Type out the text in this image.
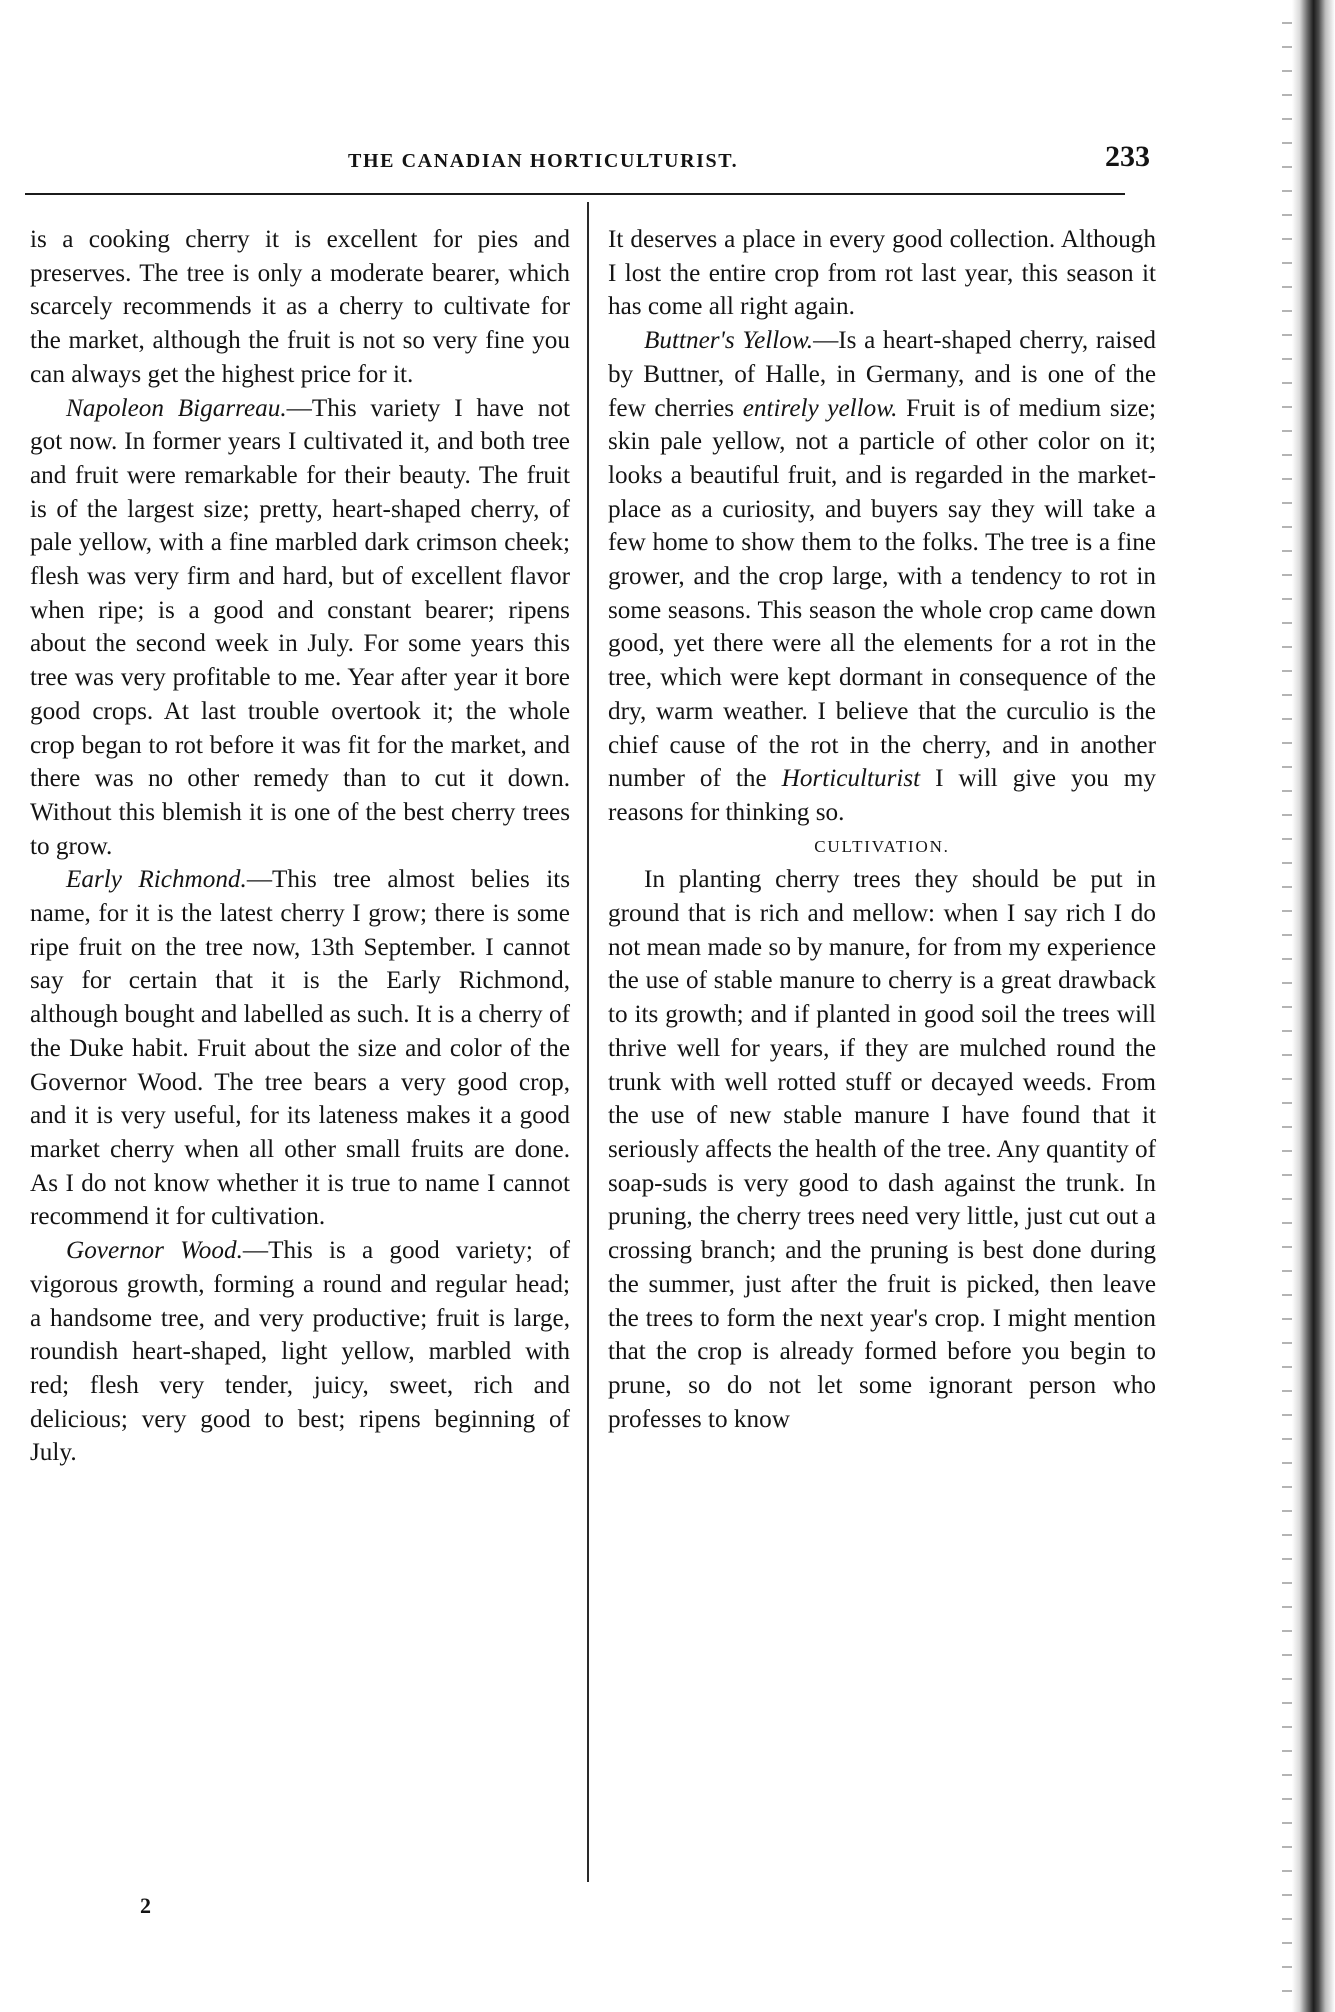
THE CANADIAN HORTICULTURIST.	233

is a cooking cherry it is excellent for pies and preserves. The tree is only a moderate bearer, which scarcely recommends it as a cherry to cultivate for the market, although the fruit is not so very fine you can always get the highest price for it.

Napoleon Bigarreau.—This variety I have not got now. In former years I cultivated it, and both tree and fruit were remarkable for their beauty. The fruit is of the largest size; pretty, heart-shaped cherry, of pale yellow, with a fine marbled dark crimson cheek; flesh was very firm and hard, but of excellent flavor when ripe; is a good and constant bearer; ripens about the second week in July. For some years this tree was very profitable to me. Year after year it bore good crops. At last trouble overtook it; the whole crop began to rot before it was fit for the market, and there was no other remedy than to cut it down. Without this blemish it is one of the best cherry trees to grow.

Early Richmond.—This tree almost belies its name, for it is the latest cherry I grow; there is some ripe fruit on the tree now, 13th September. I cannot say for certain that it is the Early Richmond, although bought and labelled as such. It is a cherry of the Duke habit. Fruit about the size and color of the Governor Wood. The tree bears a very good crop, and it is very useful, for its lateness makes it a good market cherry when all other small fruits are done. As I do not know whether it is true to name I cannot recommend it for cultivation.

Governor Wood.—This is a good variety; of vigorous growth, forming a round and regular head; a handsome tree, and very productive; fruit is large, roundish heart-shaped, light yellow, marbled with red; flesh very tender, juicy, sweet, rich and delicious; very good to best; ripens beginning of July.

It deserves a place in every good collection. Although I lost the entire crop from rot last year, this season it has come all right again.

Buttner's Yellow.—Is a heart-shaped cherry, raised by Buttner, of Halle, in Germany, and is one of the few cherries entirely yellow. Fruit is of medium size; skin pale yellow, not a particle of other color on it; looks a beautiful fruit, and is regarded in the market-place as a curiosity, and buyers say they will take a few home to show them to the folks. The tree is a fine grower, and the crop large, with a tendency to rot in some seasons. This season the whole crop came down good, yet there were all the elements for a rot in the tree, which were kept dormant in consequence of the dry, warm weather. I believe that the curculio is the chief cause of the rot in the cherry, and in another number of the Horticulturist I will give you my reasons for thinking so.

CULTIVATION.

In planting cherry trees they should be put in ground that is rich and mellow: when I say rich I do not mean made so by manure, for from my experience the use of stable manure to cherry is a great drawback to its growth; and if planted in good soil the trees will thrive well for years, if they are mulched round the trunk with well rotted stuff or decayed weeds. From the use of new stable manure I have found that it seriously affects the health of the tree. Any quantity of soap-suds is very good to dash against the trunk. In pruning, the cherry trees need very little, just cut out a crossing branch; and the pruning is best done during the summer, just after the fruit is picked, then leave the trees to form the next year's crop. I might mention that the crop is already formed before you begin to prune, so do not let some ignorant person who professes to know

2
